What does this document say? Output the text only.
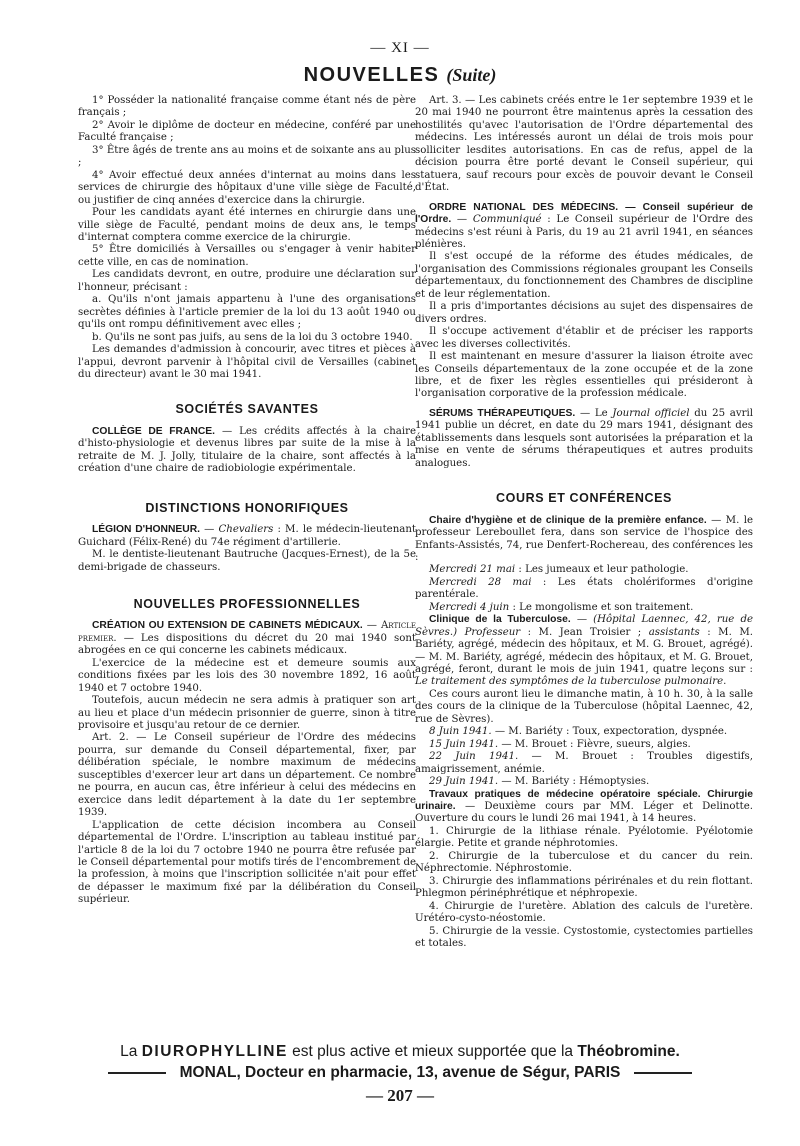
— XI —
NOUVELLES (Suite)

1° Posséder la nationalité française comme étant nés de père français ;

2° Avoir le diplôme de docteur en médecine, conféré par une Faculté française ;

3° Être âgés de trente ans au moins et de soixante ans au plus ;

4° Avoir effectué deux années d'internat au moins dans les services de chirurgie des hôpitaux d'une ville siège de Faculté, ou justifier de cinq années d'exercice dans la chirurgie.

Pour les candidats ayant été internes en chirurgie dans une ville siège de Faculté, pendant moins de deux ans, le temps d'internat comptera comme exercice de la chirurgie.

5° Être domiciliés à Versailles ou s'engager à venir habiter cette ville, en cas de nomination.

Les candidats devront, en outre, produire une déclaration sur l'honneur, précisant :

a. Qu'ils n'ont jamais appartenu à l'une des organisations secrètes définies à l'article premier de la loi du 13 août 1940 ou qu'ils ont rompu définitivement avec elles ;

b. Qu'ils ne sont pas juifs, au sens de la loi du 3 octobre 1940.

Les demandes d'admission à concourir, avec titres et pièces à l'appui, devront parvenir à l'hôpital civil de Versailles (cabinet du directeur) avant le 30 mai 1941.

SOCIÉTÉS SAVANTES

COLLÈGE DE FRANCE. — Les crédits affectés à la chaire d'histo-physiologie et devenus libres par suite de la mise à la retraite de M. J. Jolly, titulaire de la chaire, sont affectés à la création d'une chaire de radiobiologie expérimentale.

DISTINCTIONS HONORIFIQUES

LÉGION D'HONNEUR. — Chevaliers : M. le médecin-lieutenant Guichard (Félix-René) du 74e régiment d'artillerie.

M. le dentiste-lieutenant Bautruche (Jacques-Ernest), de la 5e demi-brigade de chasseurs.

NOUVELLES PROFESSIONNELLES

CRÉATION OU EXTENSION DE CABINETS MÉDICAUX. — Article premier. — Les dispositions du décret du 20 mai 1940 sont abrogées en ce qui concerne les cabinets médicaux.

L'exercice de la médecine est et demeure soumis aux conditions fixées par les lois des 30 novembre 1892, 16 août 1940 et 7 octobre 1940.

Toutefois, aucun médecin ne sera admis à pratiquer son art au lieu et place d'un médecin prisonnier de guerre, sinon à titre provisoire et jusqu'au retour de ce dernier.

Art. 2. — Le Conseil supérieur de l'Ordre des médecins pourra, sur demande du Conseil départemental, fixer, par délibération spéciale, le nombre maximum de médecins susceptibles d'exercer leur art dans un département. Ce nombre ne pourra, en aucun cas, être inférieur à celui des médecins en exercice dans ledit département à la date du 1er septembre 1939.

L'application de cette décision incombera au Conseil départemental de l'Ordre. L'inscription au tableau institué par l'article 8 de la loi du 7 octobre 1940 ne pourra être refusée par le Conseil départemental pour motifs tirés de l'encombrement de la profession, à moins que l'inscription sollicitée n'ait pour effet de dépasser le maximum fixé par la délibération du Conseil supérieur.

Art. 3. — Les cabinets créés entre le 1er septembre 1939 et le 20 mai 1940 ne pourront être maintenus après la cessation des hostilités qu'avec l'autorisation de l'Ordre départemental des médecins. Les intéressés auront un délai de trois mois pour solliciter lesdites autorisations. En cas de refus, appel de la décision pourra être porté devant le Conseil supérieur, qui statuera, sauf recours pour excès de pouvoir devant le Conseil d'État.

ORDRE NATIONAL DES MÉDECINS. — Conseil supérieur de l'Ordre. — Communiqué : Le Conseil supérieur de l'Ordre des médecins s'est réuni à Paris, du 19 au 21 avril 1941, en séances plénières.

Il s'est occupé de la réforme des études médicales, de l'organisation des Commissions régionales groupant les Conseils départementaux, du fonctionnement des Chambres de discipline et de leur réglementation.

Il a pris d'importantes décisions au sujet des dispensaires de divers ordres.

Il s'occupe activement d'établir et de préciser les rapports avec les diverses collectivités.

Il est maintenant en mesure d'assurer la liaison étroite avec les Conseils départementaux de la zone occupée et de la zone libre, et de fixer les règles essentielles qui présideront à l'organisation corporative de la profession médicale.

SÉRUMS THÉRAPEUTIQUES. — Le Journal officiel du 25 avril 1941 publie un décret, en date du 29 mars 1941, désignant des établissements dans lesquels sont autorisées la préparation et la mise en vente de sérums thérapeutiques et autres produits analogues.

COURS ET CONFÉRENCES

Chaire d'hygiène et de clinique de la première enfance. — M. le professeur Lereboullet fera, dans son service de l'hospice des Enfants-Assistés, 74, rue Denfert-Rochereau, des conférences les :

Mercredi 21 mai : Les jumeaux et leur pathologie.

Mercredi 28 mai : Les états cholériformes d'origine parentérale.

Mercredi 4 juin : Le mongolisme et son traitement.

Clinique de la Tuberculose. — (Hôpital Laennec, 42, rue de Sèvres.) Professeur : M. Jean Troisier ; assistants : M. M. Bariéty, agrégé, médecin des hôpitaux, et M. G. Brouet, agrégé). — M. M. Bariéty, agrégé, médecin des hôpitaux, et M. G. Brouet, agrégé, feront, durant le mois de juin 1941, quatre leçons sur : Le traitement des symptômes de la tuberculose pulmonaire.

Ces cours auront lieu le dimanche matin, à 10 h. 30, à la salle des cours de la clinique de la Tuberculose (hôpital Laennec, 42, rue de Sèvres).

8 Juin 1941. — M. Bariéty : Toux, expectoration, dyspnée.

15 Juin 1941. — M. Brouet : Fièvre, sueurs, algies.

22 Juin 1941. — M. Brouet : Troubles digestifs, amaigrissement, anémie.

29 Juin 1941. — M. Bariéty : Hémoptysies.

Travaux pratiques de médecine opératoire spéciale. Chirurgie urinaire. — Deuxième cours par MM. Léger et Delinotte. Ouverture du cours le lundi 26 mai 1941, à 14 heures.

1. Chirurgie de la lithiase rénale. Pyélotomie. Pyélotomie élargie. Petite et grande néphrotomies.

2. Chirurgie de la tuberculose et du cancer du rein. Néphrectomie. Néphrostomie.

3. Chirurgie des inflammations périrénales et du rein flottant. Phlegmon périnéphrétique et néphropexie.

4. Chirurgie de l'uretère. Ablation des calculs de l'uretère. Urétéro-cysto-néostomie.

5. Chirurgie de la vessie. Cystostomie, cystectomies partielles et totales.

La DIUROPHYLLINE est plus active et mieux supportée que la Théobromine.
MONAL, Docteur en pharmacie, 13, avenue de Ségur, PARIS
— 207 —
